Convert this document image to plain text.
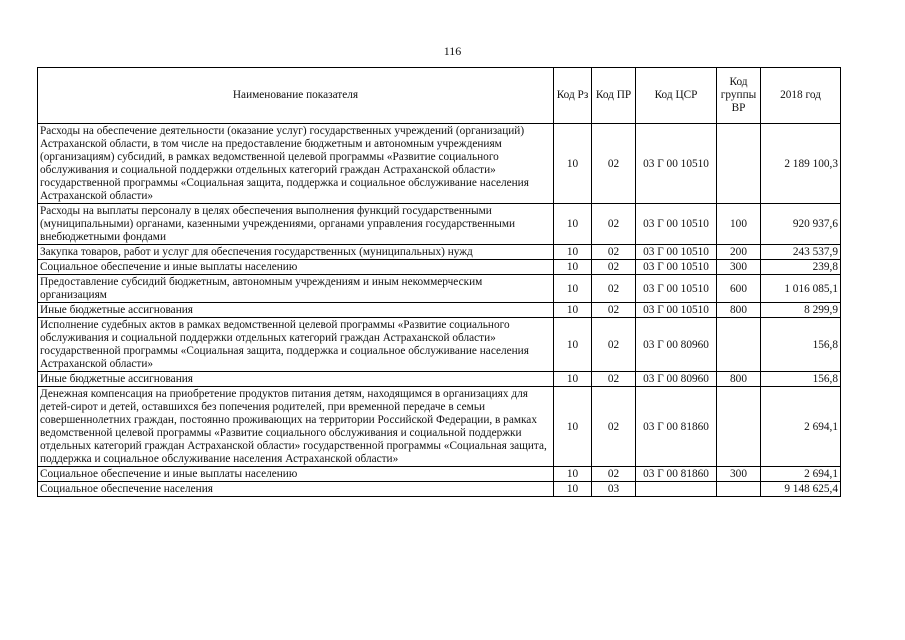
116
Наименование показателя	Код Рз	Код ПР	Код ЦСР	Код группы ВР	2018 год
Расходы на обеспечение деятельности (оказание услуг) государственных учреждений (организаций) Астраханской области, в том числе на предоставление бюджетным и автономным учреждениям (организациям) субсидий, в рамках ведомственной целевой программы «Развитие социального обслуживания и социальной поддержки отдельных категорий граждан Астраханской области» государственной программы «Социальная защита, поддержка и социальное обслуживание населения Астраханской области»	10	02	03 Г 00 10510		2 189 100,3
Расходы на выплаты персоналу в целях обеспечения выполнения функций государственными (муниципальными) органами, казенными учреждениями, органами управления государственными внебюджетными фондами	10	02	03 Г 00 10510	100	920 937,6
Закупка товаров, работ и услуг для обеспечения государственных (муниципальных) нужд	10	02	03 Г 00 10510	200	243 537,9
Социальное обеспечение и иные выплаты населению	10	02	03 Г 00 10510	300	239,8
Предоставление субсидий бюджетным, автономным учреждениям и иным некоммерческим организациям	10	02	03 Г 00 10510	600	1 016 085,1
Иные бюджетные ассигнования	10	02	03 Г 00 10510	800	8 299,9
Исполнение судебных актов в рамках ведомственной целевой программы «Развитие социального обслуживания и социальной поддержки отдельных категорий граждан Астраханской области» государственной программы «Социальная защита, поддержка и социальное обслуживание населения Астраханской области»	10	02	03 Г 00 80960		156,8
Иные бюджетные ассигнования	10	02	03 Г 00 80960	800	156,8
Денежная компенсация на приобретение продуктов питания детям, находящимся в организациях для детей-сирот и детей, оставшихся без попечения родителей, при временной передаче в семьи совершеннолетних граждан, постоянно проживающих на территории Российской Федерации, в рамках ведомственной целевой программы «Развитие социального обслуживания и социальной поддержки отдельных категорий граждан Астраханской области» государственной программы «Социальная защита, поддержка и социальное обслуживание населения Астраханской области»	10	02	03 Г 00 81860		2 694,1
Социальное обеспечение и иные выплаты населению	10	02	03 Г 00 81860	300	2 694,1
Социальное обеспечение населения	10	03			9 148 625,4
